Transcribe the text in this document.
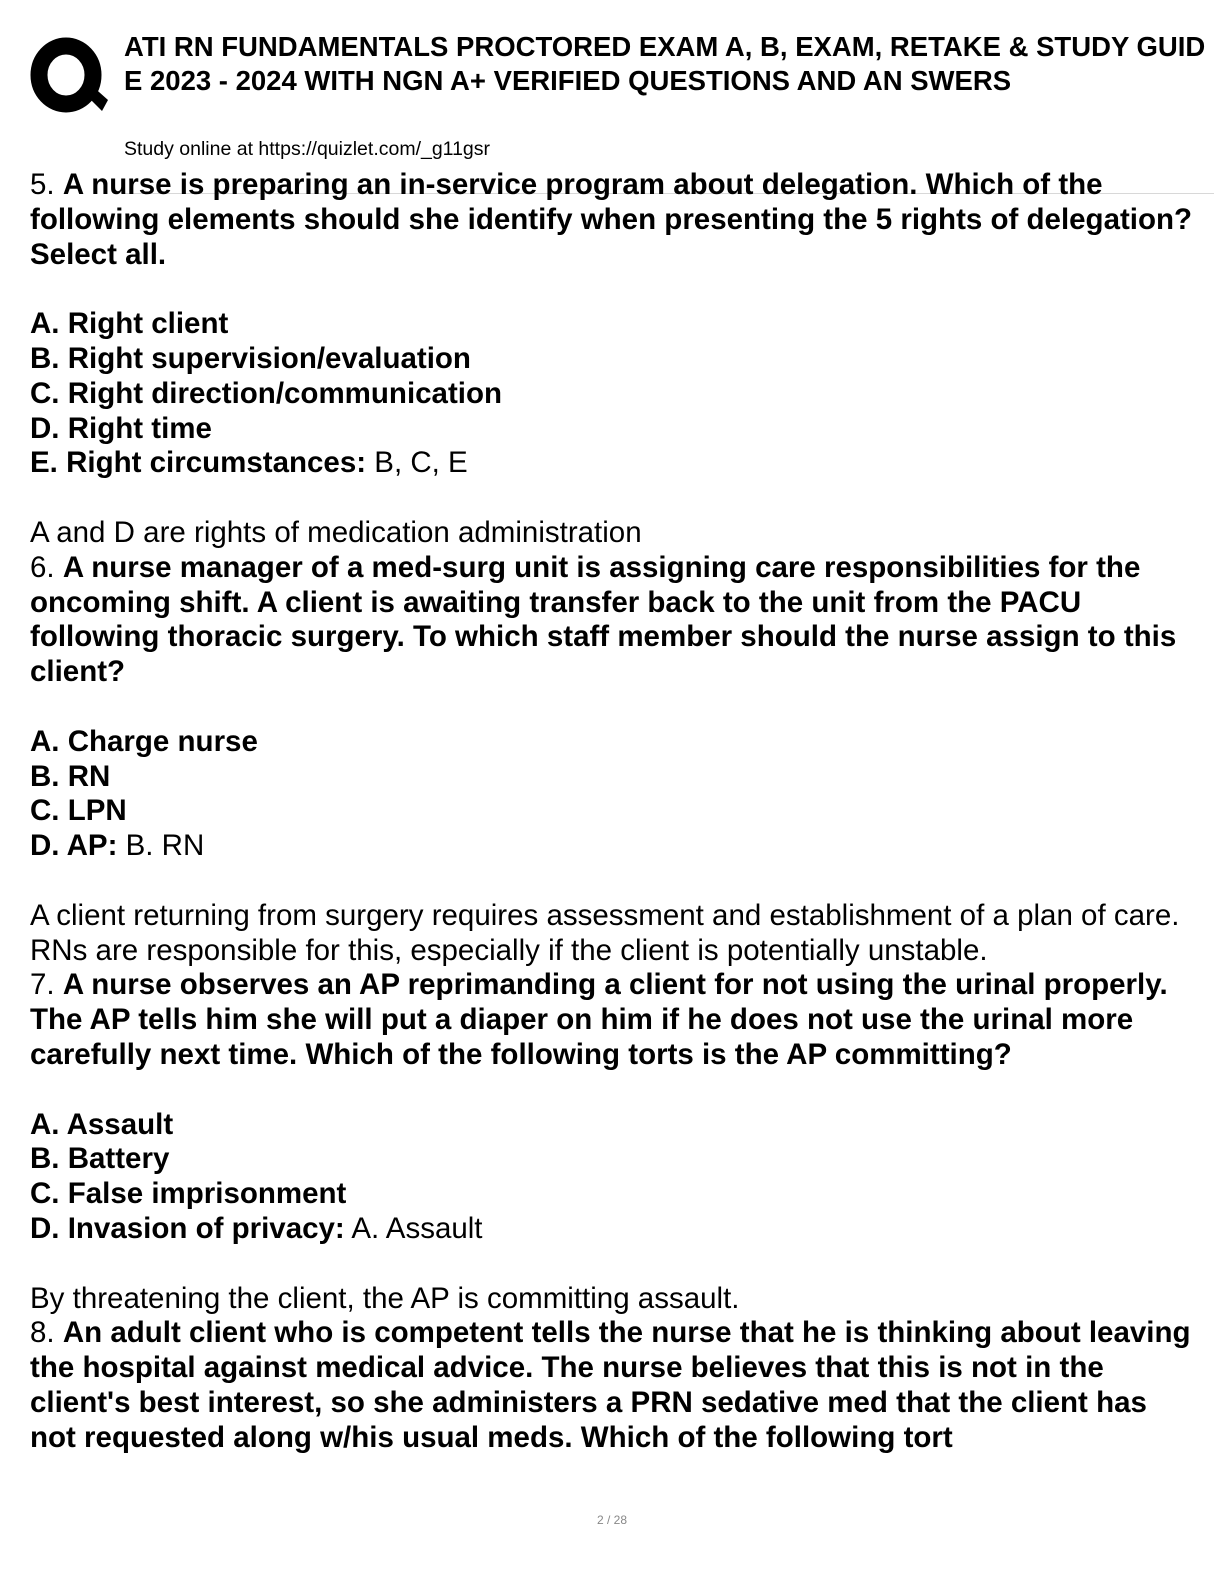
ATI RN FUNDAMENTALS PROCTORED EXAM A, B, EXAM, RETAKE & STUDY GUIDE 2023 - 2024 WITH NGN A+ VERIFIED QUESTIONS AND AN SWERS
Study online at https://quizlet.com/_g11gsr

5. A nurse is preparing an in-service program about delegation. Which of the following elements should she identify when presenting the 5 rights of delegation? Select all.

A. Right client

B. Right supervision/evaluation

C. Right direction/communication

D. Right time

E. Right circumstances: B, C, E

A and D are rights of medication administration

6. A nurse manager of a med-surg unit is assigning care responsibilities for the oncoming shift. A client is awaiting transfer back to the unit from the PACU following thoracic surgery. To which staff member should the nurse assign to this client?

A. Charge nurse

B. RN

C. LPN

D. AP: B. RN

A client returning from surgery requires assessment and establishment of a plan of care. RNs are responsible for this, especially if the client is potentially unstable.

7. A nurse observes an AP reprimanding a client for not using the urinal properly. The AP tells him she will put a diaper on him if he does not use the urinal more carefully next time. Which of the following torts is the AP committing?

A. Assault

B. Battery

C. False imprisonment

D. Invasion of privacy: A. Assault

By threatening the client, the AP is committing assault.

8. An adult client who is competent tells the nurse that he is thinking about leaving the hospital against medical advice. The nurse believes that this is not in the client's best interest, so she administers a PRN sedative med that the client has not requested along w/his usual meds. Which of the following tort

2 / 28
